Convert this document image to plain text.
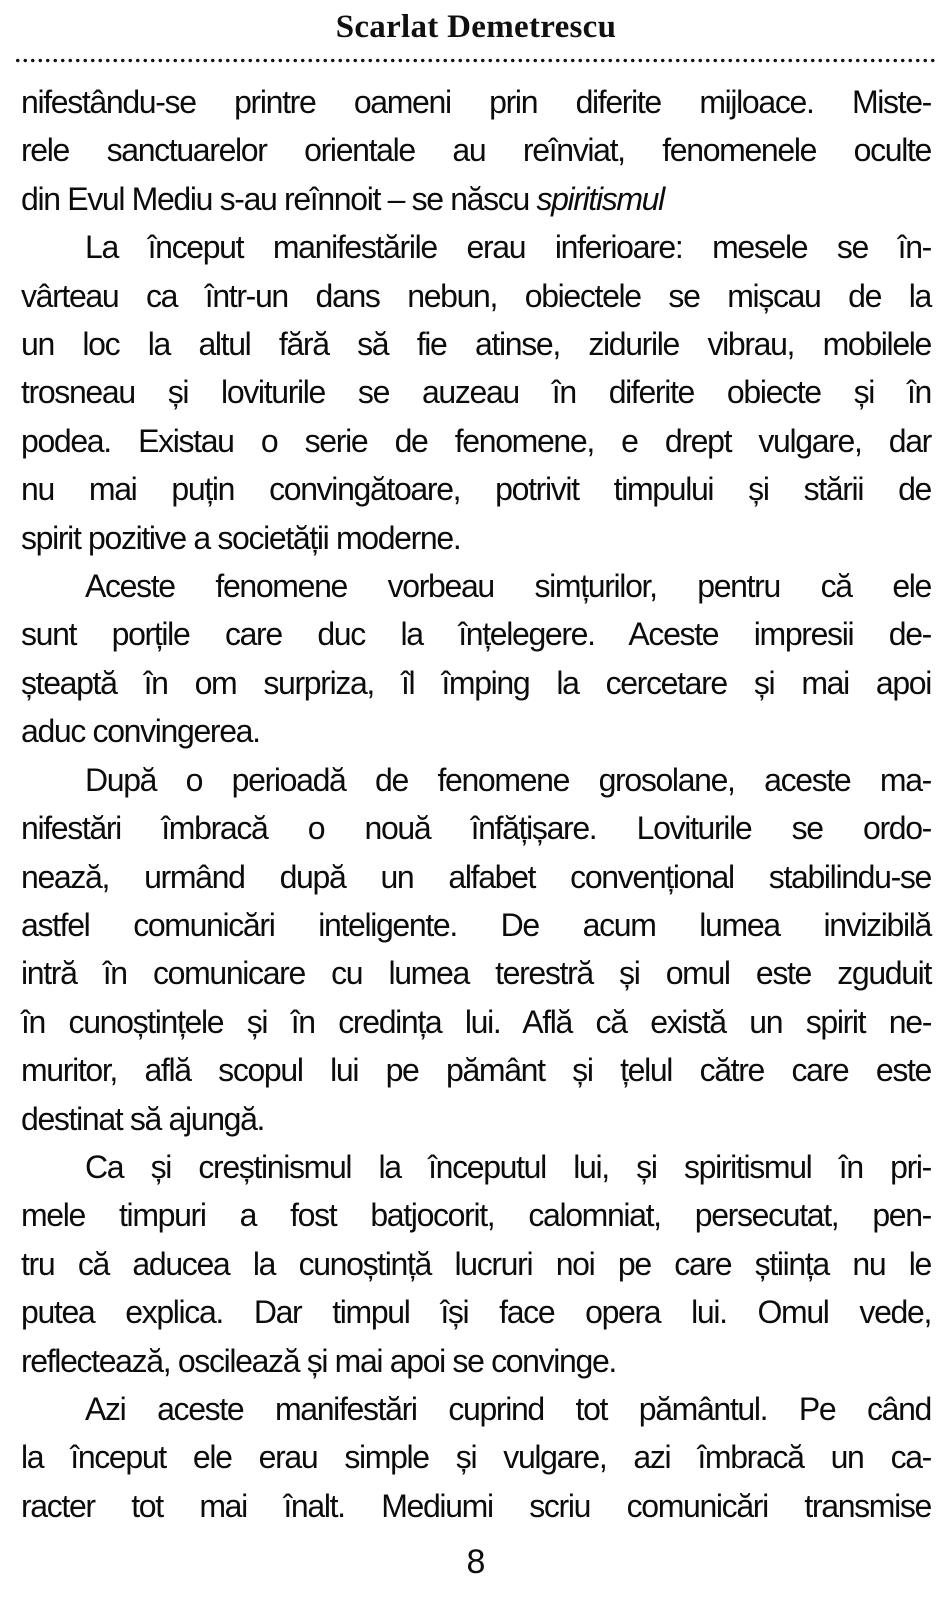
Scarlat Demetrescu

nifestându-se printre oameni prin diferite mijloace. Miste-
rele sanctuarelor orientale au reînviat, fenomenele oculte
din Evul Mediu s-au reînnoit – se născu spiritismul

La început manifestările erau inferioare: mesele se în-
vârteau ca într-un dans nebun, obiectele se mișcau de la
un loc la altul fără să fie atinse, zidurile vibrau, mobilele
trosneau și loviturile se auzeau în diferite obiecte și în
podea. Existau o serie de fenomene, e drept vulgare, dar
nu mai puțin convingătoare, potrivit timpului și stării de
spirit pozitive a societății moderne.

Aceste fenomene vorbeau simțurilor, pentru că ele
sunt porțile care duc la înțelegere. Aceste impresii de-
șteaptă în om surpriza, îl împing la cercetare și mai apoi
aduc convingerea.

După o perioadă de fenomene grosolane, aceste ma-
nifestări îmbracă o nouă înfățișare. Loviturile se ordo-
nează, urmând după un alfabet convențional stabilindu-se
astfel comunicări inteligente. De acum lumea invizibilă
intră în comunicare cu lumea terestră și omul este zguduit
în cunoștințele și în credința lui. Află că există un spirit ne-
muritor, află scopul lui pe pământ și țelul către care este
destinat să ajungă.

Ca și creștinismul la începutul lui, și spiritismul în pri-
mele timpuri a fost batjocorit, calomniat, persecutat, pen-
tru că aducea la cunoștință lucruri noi pe care știința nu le
putea explica. Dar timpul își face opera lui. Omul vede,
reflectează, oscilează și mai apoi se convinge.

Azi aceste manifestări cuprind tot pământul. Pe când
la început ele erau simple și vulgare, azi îmbracă un ca-
racter tot mai înalt. Mediumi scriu comunicări transmise

8
